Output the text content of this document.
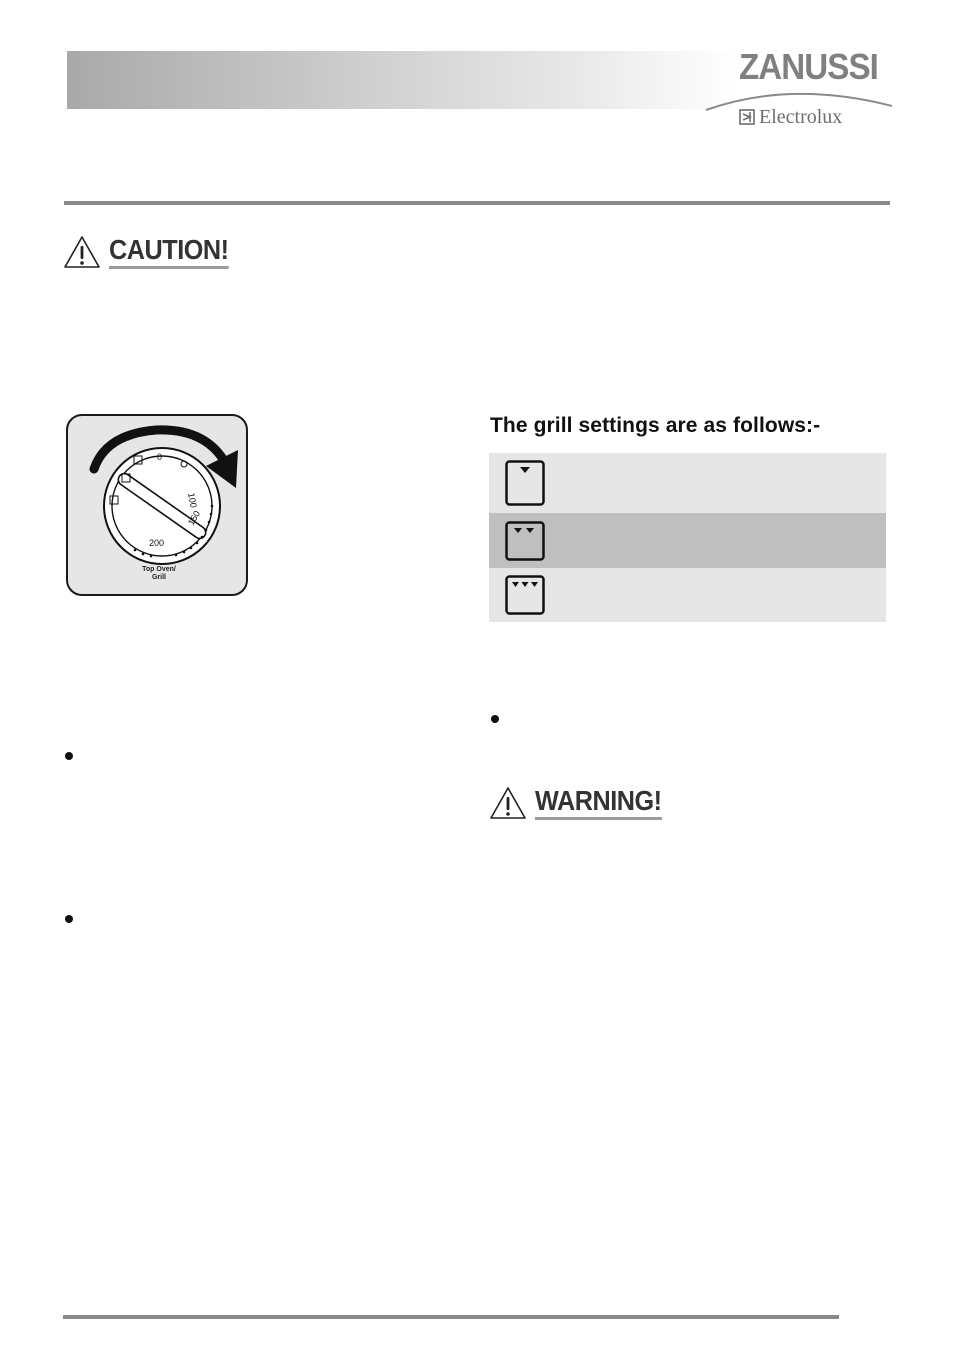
ZANUSSI
Electrolux
CAUTION!
0
100
150
200
Top Oven/
Grill
The grill settings are as follows:-
WARNING!
